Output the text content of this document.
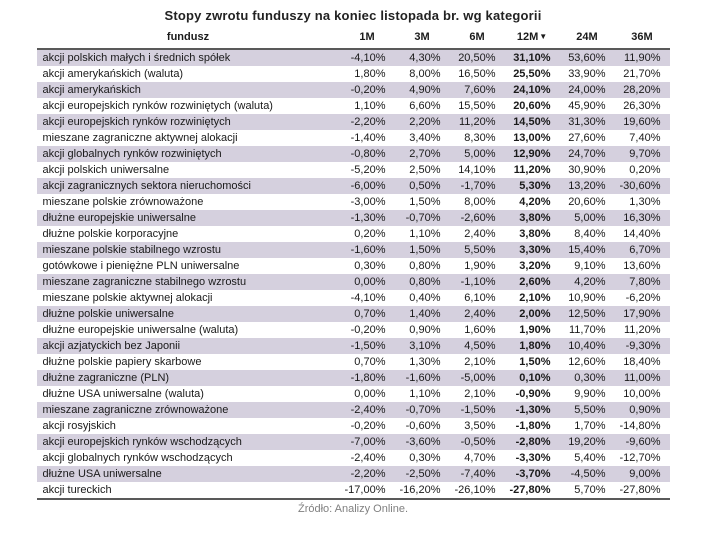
Stopy zwrotu funduszy na koniec listopada br. wg kategorii
fundusz	1M	3M	6M	12M▼	24M	36M
akcji polskich małych i średnich spółek	-4,10%	4,30%	20,50%	31,10%	53,60%	11,90%
akcji amerykańskich (waluta)	1,80%	8,00%	16,50%	25,50%	33,90%	21,70%
akcji amerykańskich	-0,20%	4,90%	7,60%	24,10%	24,00%	28,20%
akcji europejskich rynków rozwiniętych (waluta)	1,10%	6,60%	15,50%	20,60%	45,90%	26,30%
akcji europejskich rynków rozwiniętych	-2,20%	2,20%	11,20%	14,50%	31,30%	19,60%
mieszane zagraniczne aktywnej alokacji	-1,40%	3,40%	8,30%	13,00%	27,60%	7,40%
akcji globalnych rynków rozwiniętych	-0,80%	2,70%	5,00%	12,90%	24,70%	9,70%
akcji polskich uniwersalne	-5,20%	2,50%	14,10%	11,20%	30,90%	0,20%
akcji zagranicznych sektora nieruchomości	-6,00%	0,50%	-1,70%	5,30%	13,20%	-30,60%
mieszane polskie zrównoważone	-3,00%	1,50%	8,00%	4,20%	20,60%	1,30%
dłużne europejskie uniwersalne	-1,30%	-0,70%	-2,60%	3,80%	5,00%	16,30%
dłużne polskie korporacyjne	0,20%	1,10%	2,40%	3,80%	8,40%	14,40%
mieszane polskie stabilnego wzrostu	-1,60%	1,50%	5,50%	3,30%	15,40%	6,70%
gotówkowe i pieniężne PLN uniwersalne	0,30%	0,80%	1,90%	3,20%	9,10%	13,60%
mieszane zagraniczne stabilnego wzrostu	0,00%	0,80%	-1,10%	2,60%	4,20%	7,80%
mieszane polskie aktywnej alokacji	-4,10%	0,40%	6,10%	2,10%	10,90%	-6,20%
dłużne polskie uniwersalne	0,70%	1,40%	2,40%	2,00%	12,50%	17,90%
dłużne europejskie uniwersalne (waluta)	-0,20%	0,90%	1,60%	1,90%	11,70%	11,20%
akcji azjatyckich bez Japonii	-1,50%	3,10%	4,50%	1,80%	10,40%	-9,30%
dłużne polskie papiery skarbowe	0,70%	1,30%	2,10%	1,50%	12,60%	18,40%
dłużne zagraniczne (PLN)	-1,80%	-1,60%	-5,00%	0,10%	0,30%	11,00%
dłużne USA uniwersalne (waluta)	0,00%	1,10%	2,10%	-0,90%	9,90%	10,00%
mieszane zagraniczne zrównoważone	-2,40%	-0,70%	-1,50%	-1,30%	5,50%	0,90%
akcji rosyjskich	-0,20%	-0,60%	3,50%	-1,80%	1,70%	-14,80%
akcji europejskich rynków wschodzących	-7,00%	-3,60%	-0,50%	-2,80%	19,20%	-9,60%
akcji globalnych rynków wschodzących	-2,40%	0,30%	4,70%	-3,30%	5,40%	-12,70%
dłużne USA uniwersalne	-2,20%	-2,50%	-7,40%	-3,70%	-4,50%	9,00%
akcji tureckich	-17,00%	-16,20%	-26,10%	-27,80%	5,70%	-27,80%
Źródło: Analizy Online.
